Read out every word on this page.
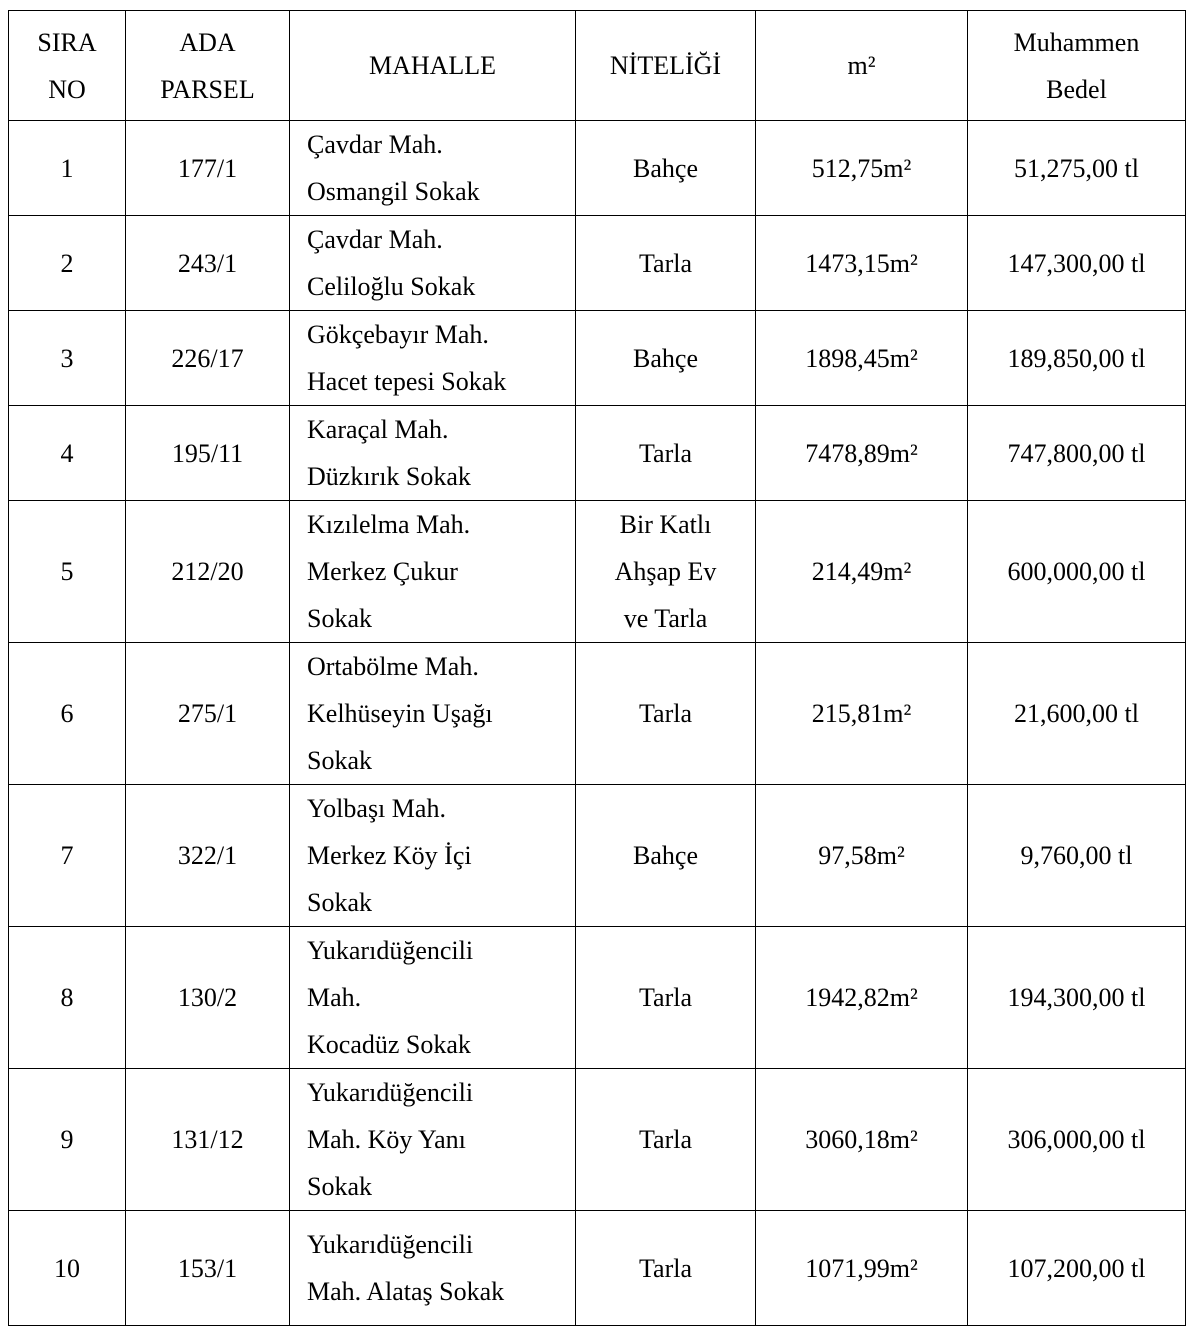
SIRA
NO	ADA
PARSEL	MAHALLE	NİTELİĞİ	m²	Muhammen
Bedel

1	177/1	Çavdar Mah.
Osmangil Sokak	Bahçe	512,75m²	51,275,00 tl
2	243/1	Çavdar Mah.
Celiloğlu Sokak	Tarla	1473,15m²	147,300,00 tl
3	226/17	Gökçebayır Mah.
Hacet tepesi Sokak	Bahçe	1898,45m²	189,850,00 tl
4	195/11	Karaçal Mah.
Düzkırık Sokak	Tarla	7478,89m²	747,800,00 tl
5	212/20	Kızılelma Mah.
Merkez Çukur
Sokak	Bir Katlı
Ahşap Ev
ve Tarla	214,49m²	600,000,00 tl
6	275/1	Ortabölme Mah.
Kelhüseyin Uşağı
Sokak	Tarla	215,81m²	21,600,00 tl
7	322/1	Yolbaşı Mah.
Merkez Köy İçi
Sokak	Bahçe	97,58m²	9,760,00 tl
8	130/2	Yukarıdüğencili
Mah.
Kocadüz Sokak	Tarla	1942,82m²	194,300,00 tl
9	131/12	Yukarıdüğencili
Mah. Köy Yanı
Sokak	Tarla	3060,18m²	306,000,00 tl
10	153/1	Yukarıdüğencili
Mah. Alataş Sokak	Tarla	1071,99m²	107,200,00 tl
